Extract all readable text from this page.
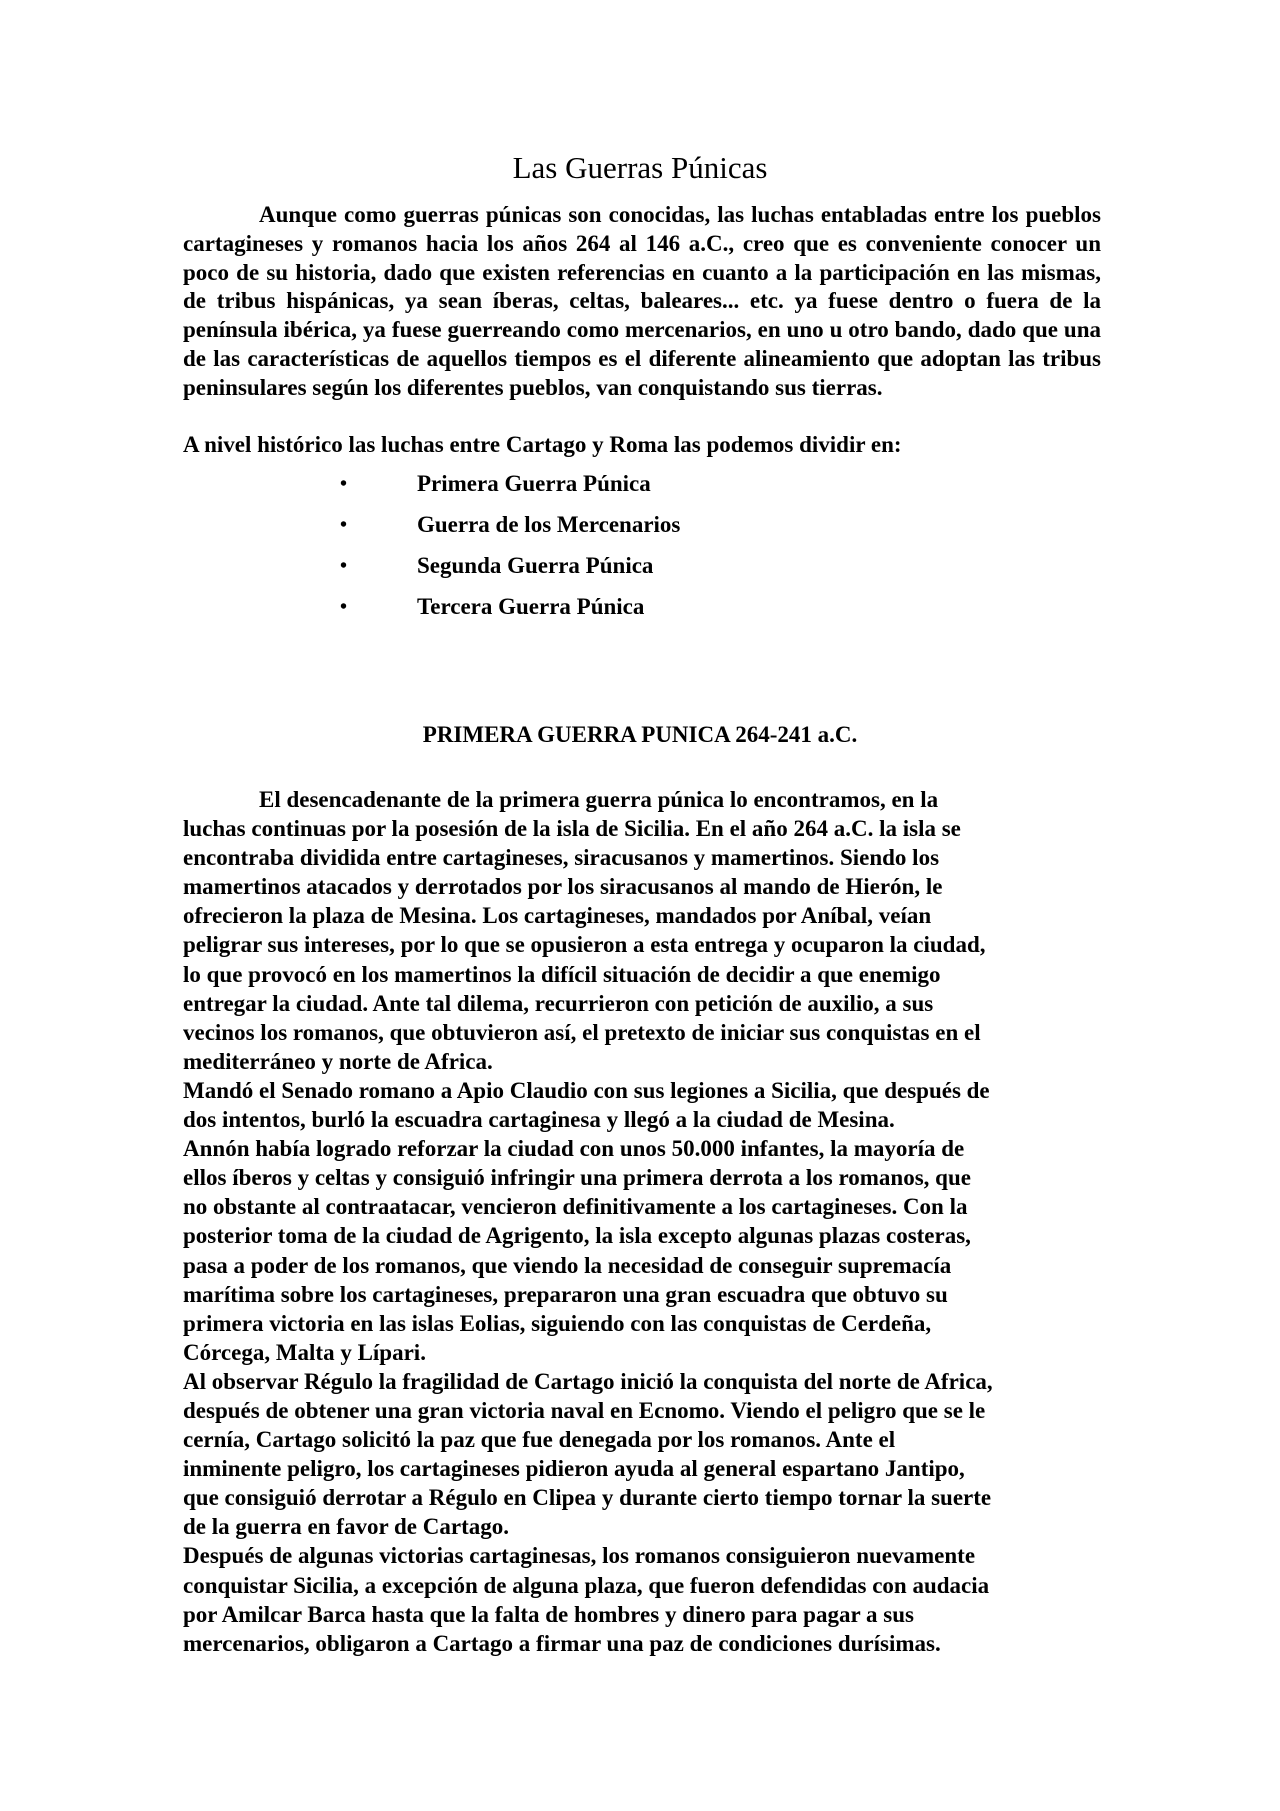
Las Guerras Púnicas

Aunque como guerras púnicas son conocidas, las luchas entabladas entre los pueblos cartagineses y romanos hacia los años 264 al 146 a.C., creo que es conveniente conocer un poco de su historia, dado que existen referencias en cuanto a la participación en las mismas, de tribus hispánicas, ya sean íberas, celtas, baleares... etc. ya fuese dentro o fuera de la península ibérica, ya fuese guerreando como mercenarios, en uno u otro bando, dado que una de las características de aquellos tiempos es el diferente alineamiento que adoptan las tribus peninsulares según los diferentes pueblos, van conquistando sus tierras.

A nivel histórico las luchas entre Cartago y Roma las podemos dividir en:

•	Primera Guerra Púnica
•	Guerra de los Mercenarios
•	Segunda Guerra Púnica
•	Tercera Guerra Púnica
PRIMERA GUERRA PUNICA 264-241 a.C.

El desencadenante de la primera guerra púnica lo encontramos, en la

luchas continuas por la posesión de la isla de Sicilia. En el año 264 a.C. la isla se

encontraba dividida entre cartagineses, siracusanos y mamertinos. Siendo los

mamertinos atacados y derrotados por los siracusanos al mando de Hierón, le

ofrecieron la plaza de Mesina. Los cartagineses, mandados por Aníbal, veían

peligrar sus intereses, por lo que se opusieron a esta entrega y ocuparon la ciudad,

lo que provocó en los mamertinos la difícil situación de decidir a que enemigo

entregar la ciudad. Ante tal dilema, recurrieron con petición de auxilio, a sus

vecinos los romanos, que obtuvieron así, el pretexto de iniciar sus conquistas en el

mediterráneo y norte de Africa.

Mandó el Senado romano a Apio Claudio con sus legiones a Sicilia, que después de

dos intentos, burló la escuadra cartaginesa y llegó a la ciudad de Mesina.

Annón había logrado reforzar la ciudad con unos 50.000 infantes, la mayoría de

ellos íberos y celtas y consiguió infringir una primera derrota a los romanos, que

no obstante al contraatacar, vencieron definitivamente a los cartagineses. Con la

posterior toma de la ciudad de Agrigento, la isla excepto algunas plazas costeras,

pasa a poder de los romanos, que viendo la necesidad de conseguir supremacía

marítima sobre los cartagineses, prepararon una gran escuadra que obtuvo su

primera victoria en las islas Eolias, siguiendo con las conquistas de Cerdeña,

Córcega, Malta y Lípari.

Al observar Régulo la fragilidad de Cartago inició la conquista del norte de Africa,

después de obtener una gran victoria naval en Ecnomo. Viendo el peligro que se le

cernía, Cartago solicitó la paz que fue denegada por los romanos. Ante el

inminente peligro, los cartagineses pidieron ayuda al general espartano Jantipo,

que consiguió derrotar a Régulo en Clipea y durante cierto tiempo tornar la suerte

de la guerra en favor de Cartago.

Después de algunas victorias cartaginesas, los romanos consiguieron nuevamente

conquistar Sicilia, a excepción de alguna plaza, que fueron defendidas con audacia

por Amilcar Barca hasta que la falta de hombres y dinero para pagar a sus

mercenarios, obligaron a Cartago a firmar una paz de condiciones durísimas.
